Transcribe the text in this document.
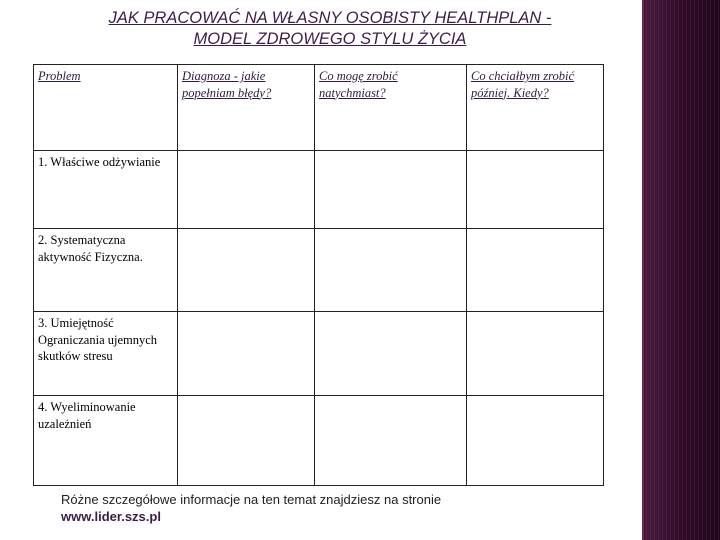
JAK PRACOWAĆ NA WŁASNY OSOBISTY HEALTHPLAN -
MODEL ZDROWEGO STYLU ŻYCIA
Problem	Diagnoza - jakie popełniam błędy?	Co mogę zrobić natychmiast?	Co chciałbym zrobić później. Kiedy?
1. Właściwe odżywianie			
2. Systematyczna aktywność Fizyczna.			
3. Umiejętność Ograniczania ujemnych skutków stresu			
4. Wyeliminowanie uzależnień			
Różne szczegółowe informacje na ten temat znajdziesz na stronie
www.lider.szs.pl
